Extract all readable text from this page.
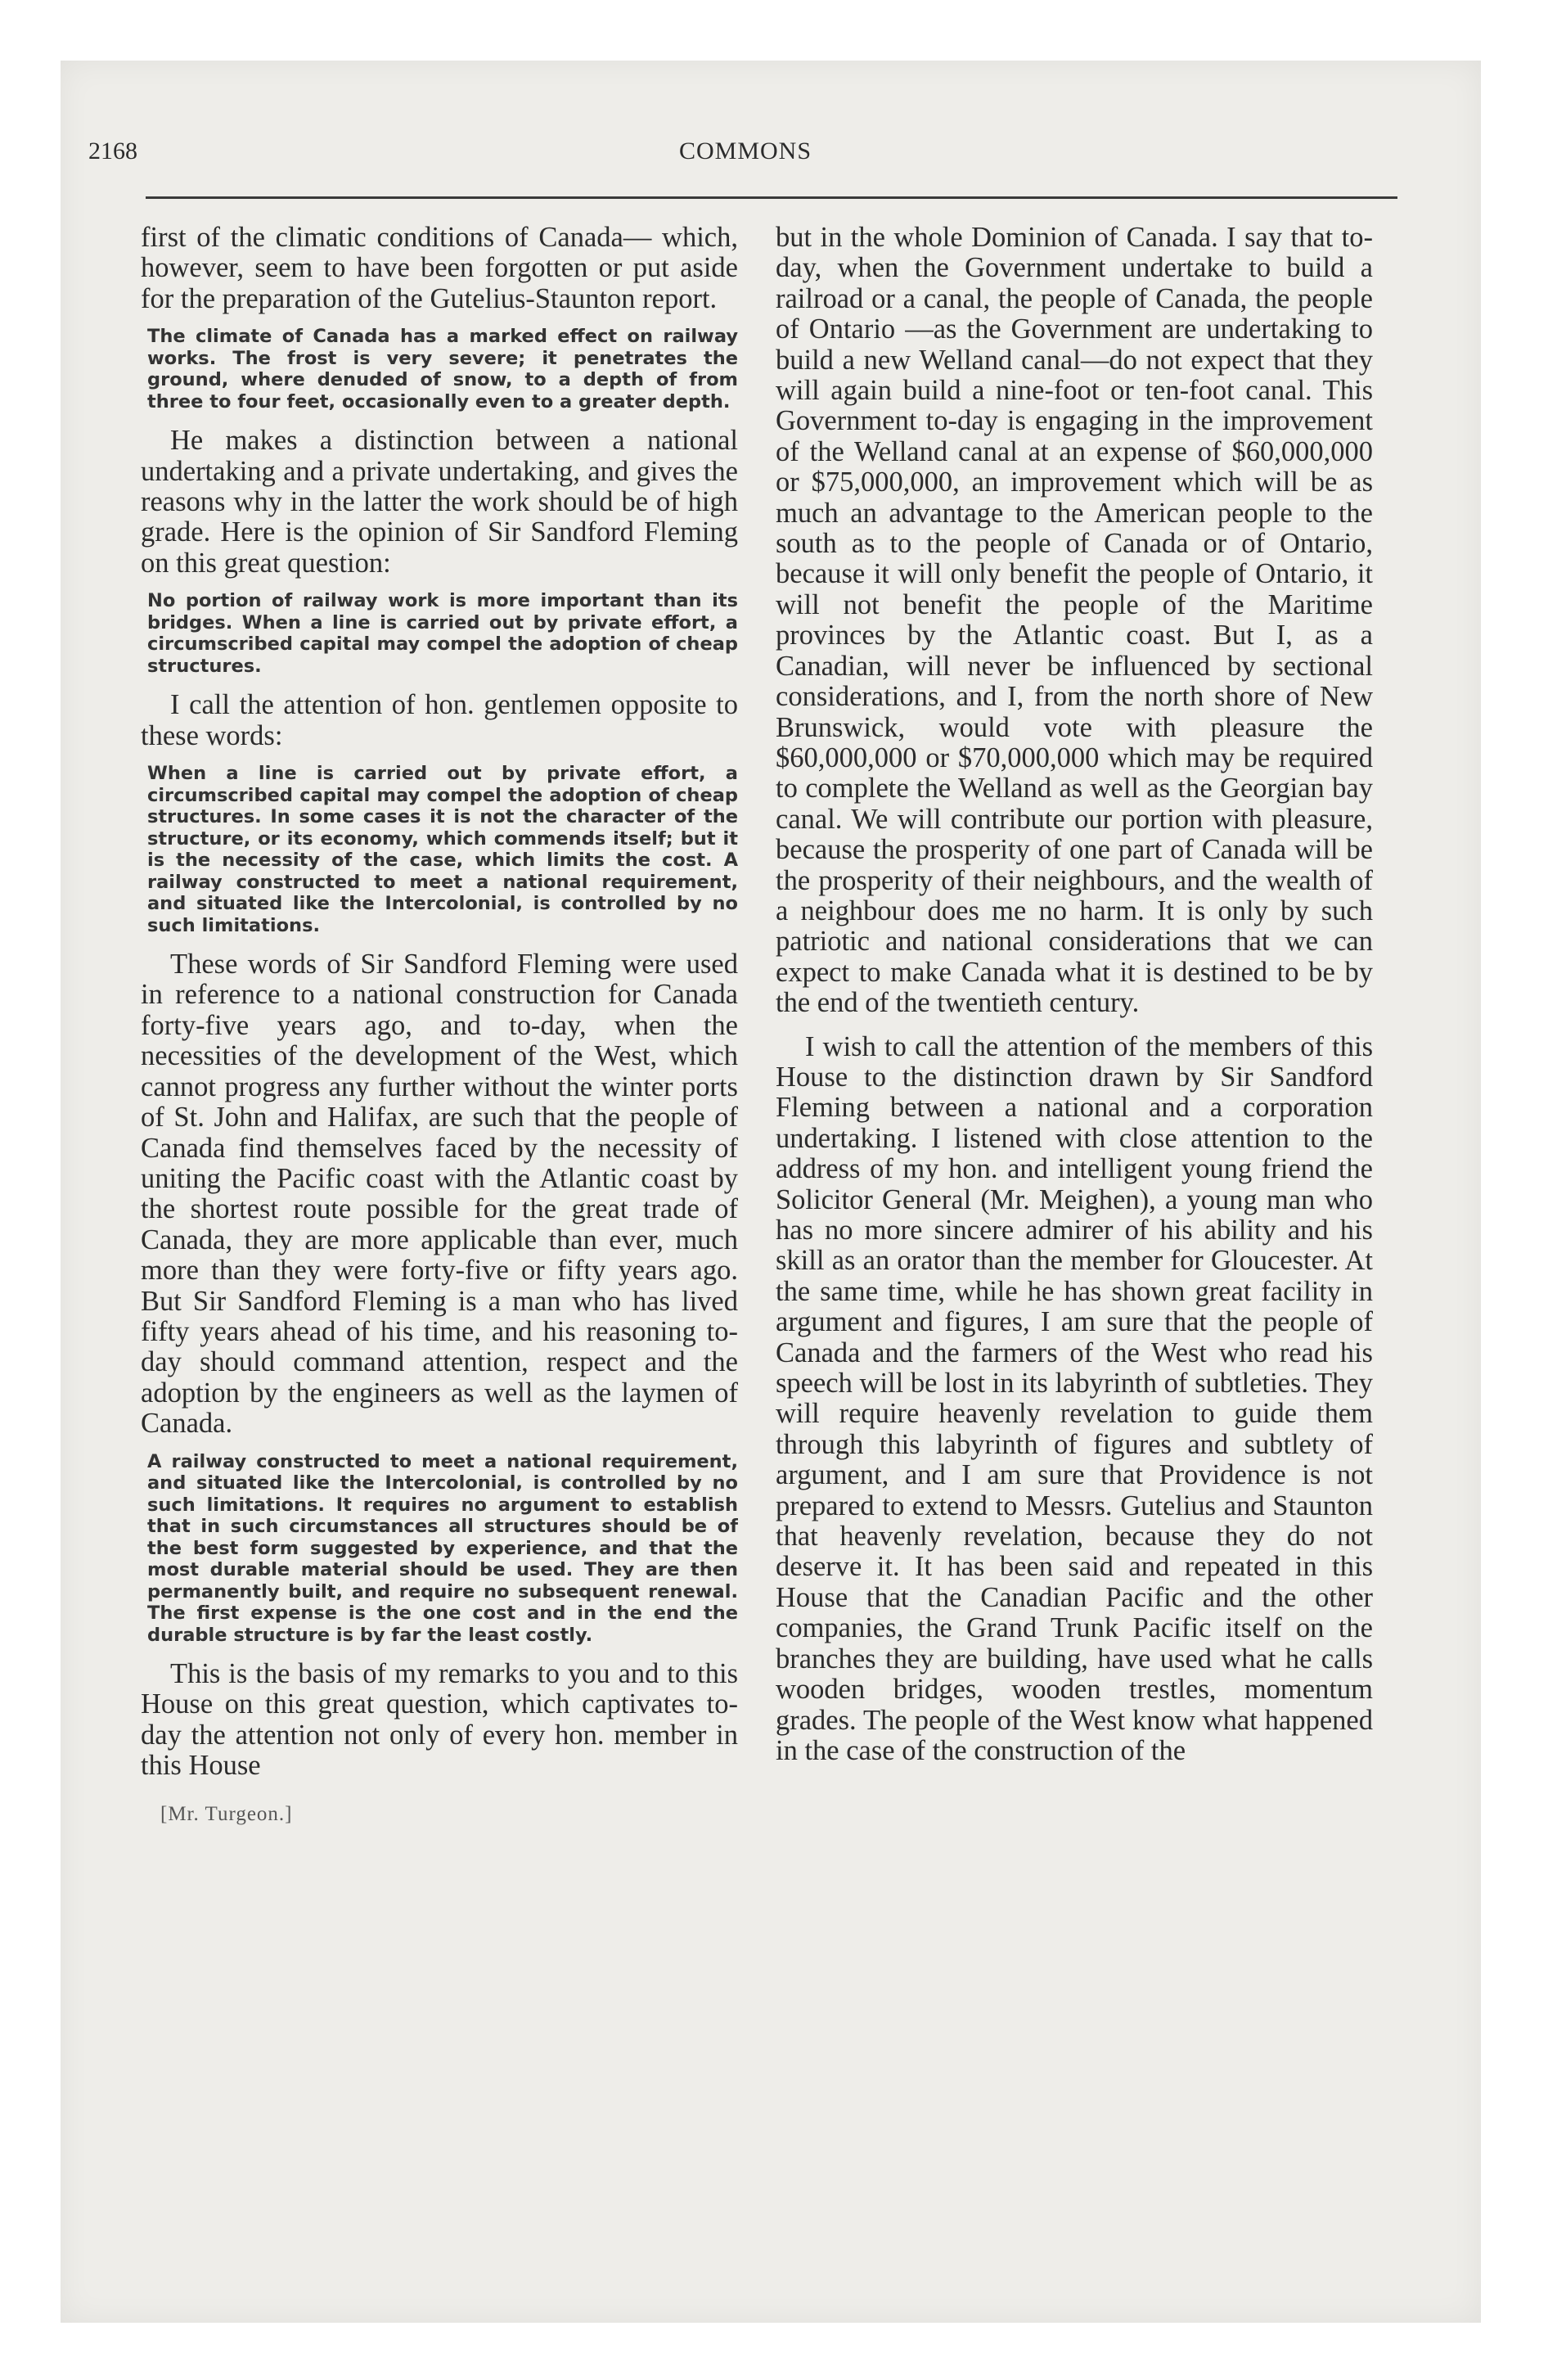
2168	COMMONS

first of the climatic conditions of Canada— which, however, seem to have been forgotten or put aside for the preparation of the Gutelius-Staunton report.

The climate of Canada has a marked effect on railway works. The frost is very severe; it penetrates the ground, where denuded of snow, to a depth of from three to four feet, occasionally even to a greater depth.

He makes a distinction between a national undertaking and a private undertaking, and gives the reasons why in the latter the work should be of high grade. Here is the opinion of Sir Sandford Fleming on this great question:

No portion of railway work is more important than its bridges. When a line is carried out by private effort, a circumscribed capital may compel the adoption of cheap structures.

I call the attention of hon. gentlemen opposite to these words:

When a line is carried out by private effort, a circumscribed capital may compel the adoption of cheap structures. In some cases it is not the character of the structure, or its economy, which commends itself; but it is the necessity of the case, which limits the cost. A railway constructed to meet a national requirement, and situated like the Intercolonial, is controlled by no such limitations.

These words of Sir Sandford Fleming were used in reference to a national construction for Canada forty-five years ago, and to-day, when the necessities of the development of the West, which cannot progress any further without the winter ports of St. John and Halifax, are such that the people of Canada find themselves faced by the necessity of uniting the Pacific coast with the Atlantic coast by the shortest route possible for the great trade of Canada, they are more applicable than ever, much more than they were forty-five or fifty years ago. But Sir Sandford Fleming is a man who has lived fifty years ahead of his time, and his reasoning to-day should command attention, respect and the adoption by the engineers as well as the laymen of Canada.

A railway constructed to meet a national requirement, and situated like the Intercolonial, is controlled by no such limitations. It requires no argument to establish that in such circumstances all structures should be of the best form suggested by experience, and that the most durable material should be used. They are then permanently built, and require no subsequent renewal. The first expense is the one cost and in the end the durable structure is by far the least costly.

This is the basis of my remarks to you and to this House on this great question, which captivates to-day the attention not only of every hon. member in this House

[Mr. Turgeon.]

but in the whole Dominion of Canada. I say that to-day, when the Government undertake to build a railroad or a canal, the people of Canada, the people of Ontario —as the Government are undertaking to build a new Welland canal—do not expect that they will again build a nine-foot or ten-foot canal. This Government to-day is engaging in the improvement of the Welland canal at an expense of $60,000,000 or $75,000,000, an improvement which will be as much an advantage to the American people to the south as to the people of Canada or of Ontario, because it will only benefit the people of Ontario, it will not benefit the people of the Maritime provinces by the Atlantic coast. But I, as a Canadian, will never be influenced by sectional considerations, and I, from the north shore of New Brunswick, would vote with pleasure the $60,000,000 or $70,000,000 which may be required to complete the Welland as well as the Georgian bay canal. We will contribute our portion with pleasure, because the prosperity of one part of Canada will be the prosperity of their neighbours, and the wealth of a neighbour does me no harm. It is only by such patriotic and national considerations that we can expect to make Canada what it is destined to be by the end of the twentieth century.

I wish to call the attention of the members of this House to the distinction drawn by Sir Sandford Fleming between a national and a corporation undertaking. I listened with close attention to the address of my hon. and intelligent young friend the Solicitor General (Mr. Meighen), a young man who has no more sincere admirer of his ability and his skill as an orator than the member for Gloucester. At the same time, while he has shown great facility in argument and figures, I am sure that the people of Canada and the farmers of the West who read his speech will be lost in its labyrinth of subtleties. They will require heavenly revelation to guide them through this labyrinth of figures and subtlety of argument, and I am sure that Providence is not prepared to extend to Messrs. Gutelius and Staunton that heavenly revelation, because they do not deserve it. It has been said and repeated in this House that the Canadian Pacific and the other companies, the Grand Trunk Pacific itself on the branches they are building, have used what he calls wooden bridges, wooden trestles, momentum grades. The people of the West know what happened in the case of the construction of the
